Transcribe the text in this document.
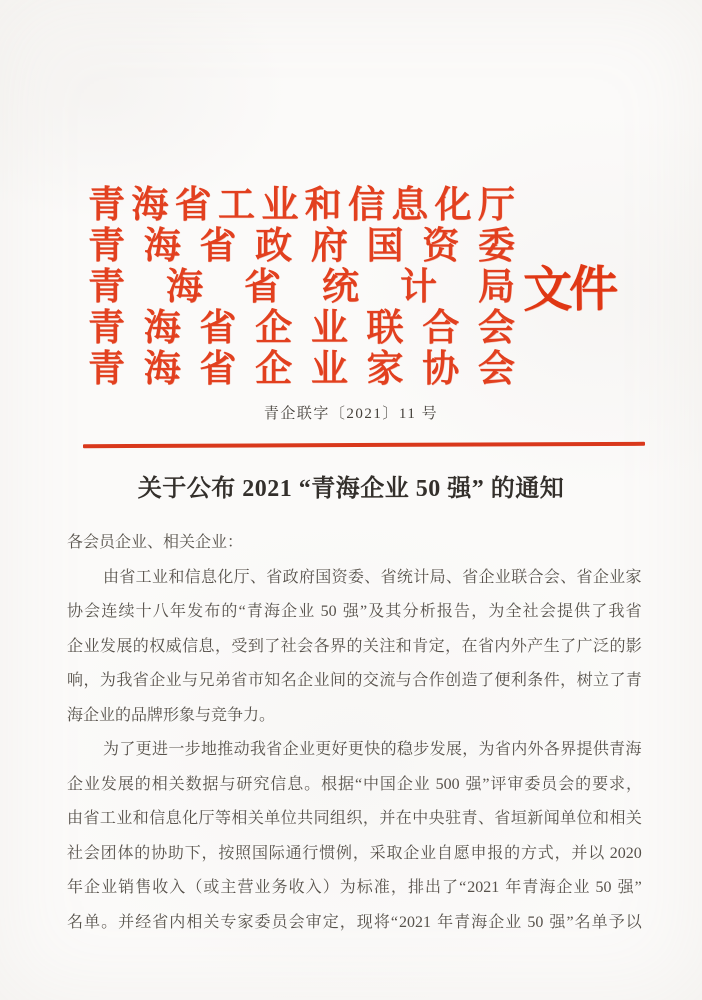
青 海 省 工 业 和 信 息 化 厅
青 海 省 政 府 国 资 委
青 海 省 统 计 局
青 海 省 企 业 联 合 会
青 海 省 企 业 家 协 会
文件
青企联字〔2021〕11 号
关于公布 2021 “青海企业 50 强” 的通知
各会员企业、相关企业：
由 省 工 业 和 信 息 化 厅 、 省 政 府 国 资 委 、 省 统 计 局 、 省 企 业 联 合 会 、 省 企 业 家
协 会 连 续 十 八 年 发 布 的 “ 青 海 企 业
50
强 ” 及 其 分 析 报 告 ， 为 全 社 会 提 供 了 我 省
企 业 发 展 的 权 威 信 息 ， 受 到 了 社 会 各 界 的 关 注 和 肯 定 ， 在 省 内 外 产 生 了 广 泛 的 影
响 ， 为 我 省 企 业 与 兄 弟 省 市 知 名 企 业 间 的 交 流 与 合 作 创 造 了 便 利 条 件 ， 树 立 了 青
海企业的品牌形象与竞争力。
为 了 更 进 一 步 地 推 动 我 省 企 业 更 好 更 快 的 稳 步 发 展 ， 为 省 内 外 各 界 提 供 青 海
企 业 发 展 的 相 关 数 据 与 研 究 信 息 。 根 据 “ 中 国 企 业
500
强 ” 评 审 委 员 会 的 要 求 ，
由 省 工 业 和 信 息 化 厅 等 相 关 单 位 共 同 组 织 ， 并 在 中 央 驻 青 、 省 垣 新 闻 单 位 和 相 关
社 会 团 体 的 协 助 下 ， 按 照 国 际 通 行 惯 例 ， 采 取 企 业 自 愿 申 报 的 方 式 ， 并 以
2020
年 企 业 销 售 收 入 （ 或 主 营 业 务 收 入 ） 为 标 准 ， 排 出 了 “ 2021
年 青 海 企 业
50
强 ”
名 单 。 并 经 省 内 相 关 专 家 委 员 会 审 定 ， 现 将 “ 2021
年 青 海 企 业
50
强 ” 名 单 予 以
